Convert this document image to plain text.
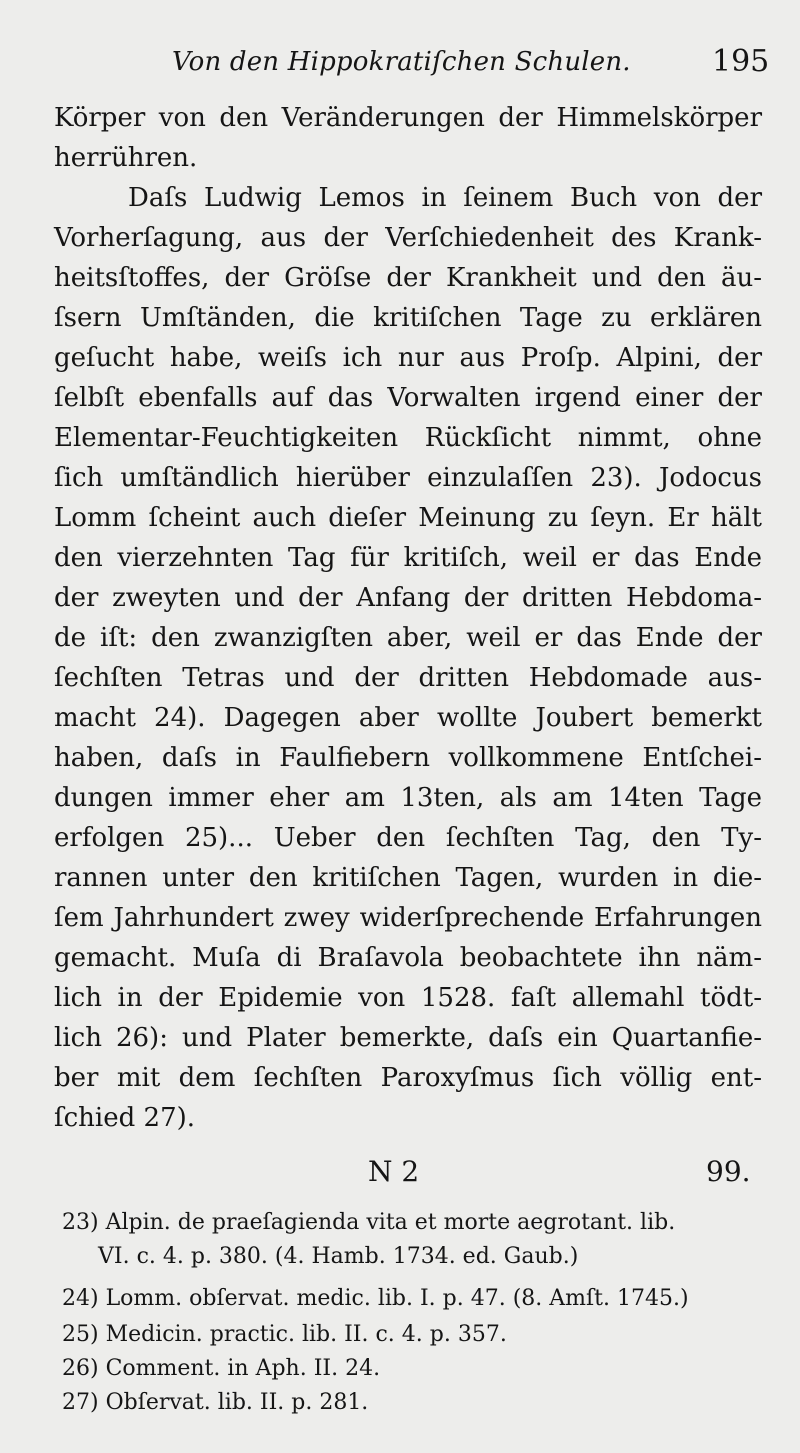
Von den Hippokratiſchen Schulen.	195
Körper von den Veränderungen der Himmelskörper
herrühren.
Daſs Ludwig Lemos in ſeinem Buch von der
Vorherſagung, aus der Verſchiedenheit des Krank-
heitsſtoffes, der Gröſse der Krankheit und den äu-
ſsern Umſtänden, die kritiſchen Tage zu erklären
geſucht habe, weiſs ich nur aus Proſp. Alpini, der
ſelbſt ebenfalls auf das Vorwalten irgend einer der
Elementar-Feuchtigkeiten Rückſicht nimmt, ohne
ſich umſtändlich hierüber einzulaſſen 23). Jodocus
Lomm ſcheint auch dieſer Meinung zu ſeyn. Er hält
den vierzehnten Tag für kritiſch, weil er das Ende
der zweyten und der Anfang der dritten Hebdoma-
de iſt: den zwanzigſten aber, weil er das Ende der
ſechſten Tetras und der dritten Hebdomade aus-
macht 24). Dagegen aber wollte Joubert bemerkt
haben, daſs in Faulfiebern vollkommene Entſchei-
dungen immer eher am 13ten, als am 14ten Tage
erfolgen 25)... Ueber den ſechſten Tag, den Ty-
rannen unter den kritiſchen Tagen, wurden in die-
ſem Jahrhundert zwey widerſprechende Erfahrungen
gemacht. Muſa di Braſavola beobachtete ihn näm-
lich in der Epidemie von 1528. faſt allemahl tödt-
lich 26): und Plater bemerkte, daſs ein Quartanfie-
ber mit dem ſechſten Paroxyſmus ſich völlig ent-
ſchied 27).
N 2	99.
23) Alpin. de praeſagienda vita et morte aegrotant. lib.
VI. c. 4. p. 380. (4. Hamb. 1734. ed. Gaub.)
24) Lomm. obſervat. medic. lib. I. p. 47. (8. Amſt. 1745.)
25) Medicin. practic. lib. II. c. 4. p. 357.
26) Comment. in Aph. II. 24.
27) Obſervat. lib. II. p. 281.
